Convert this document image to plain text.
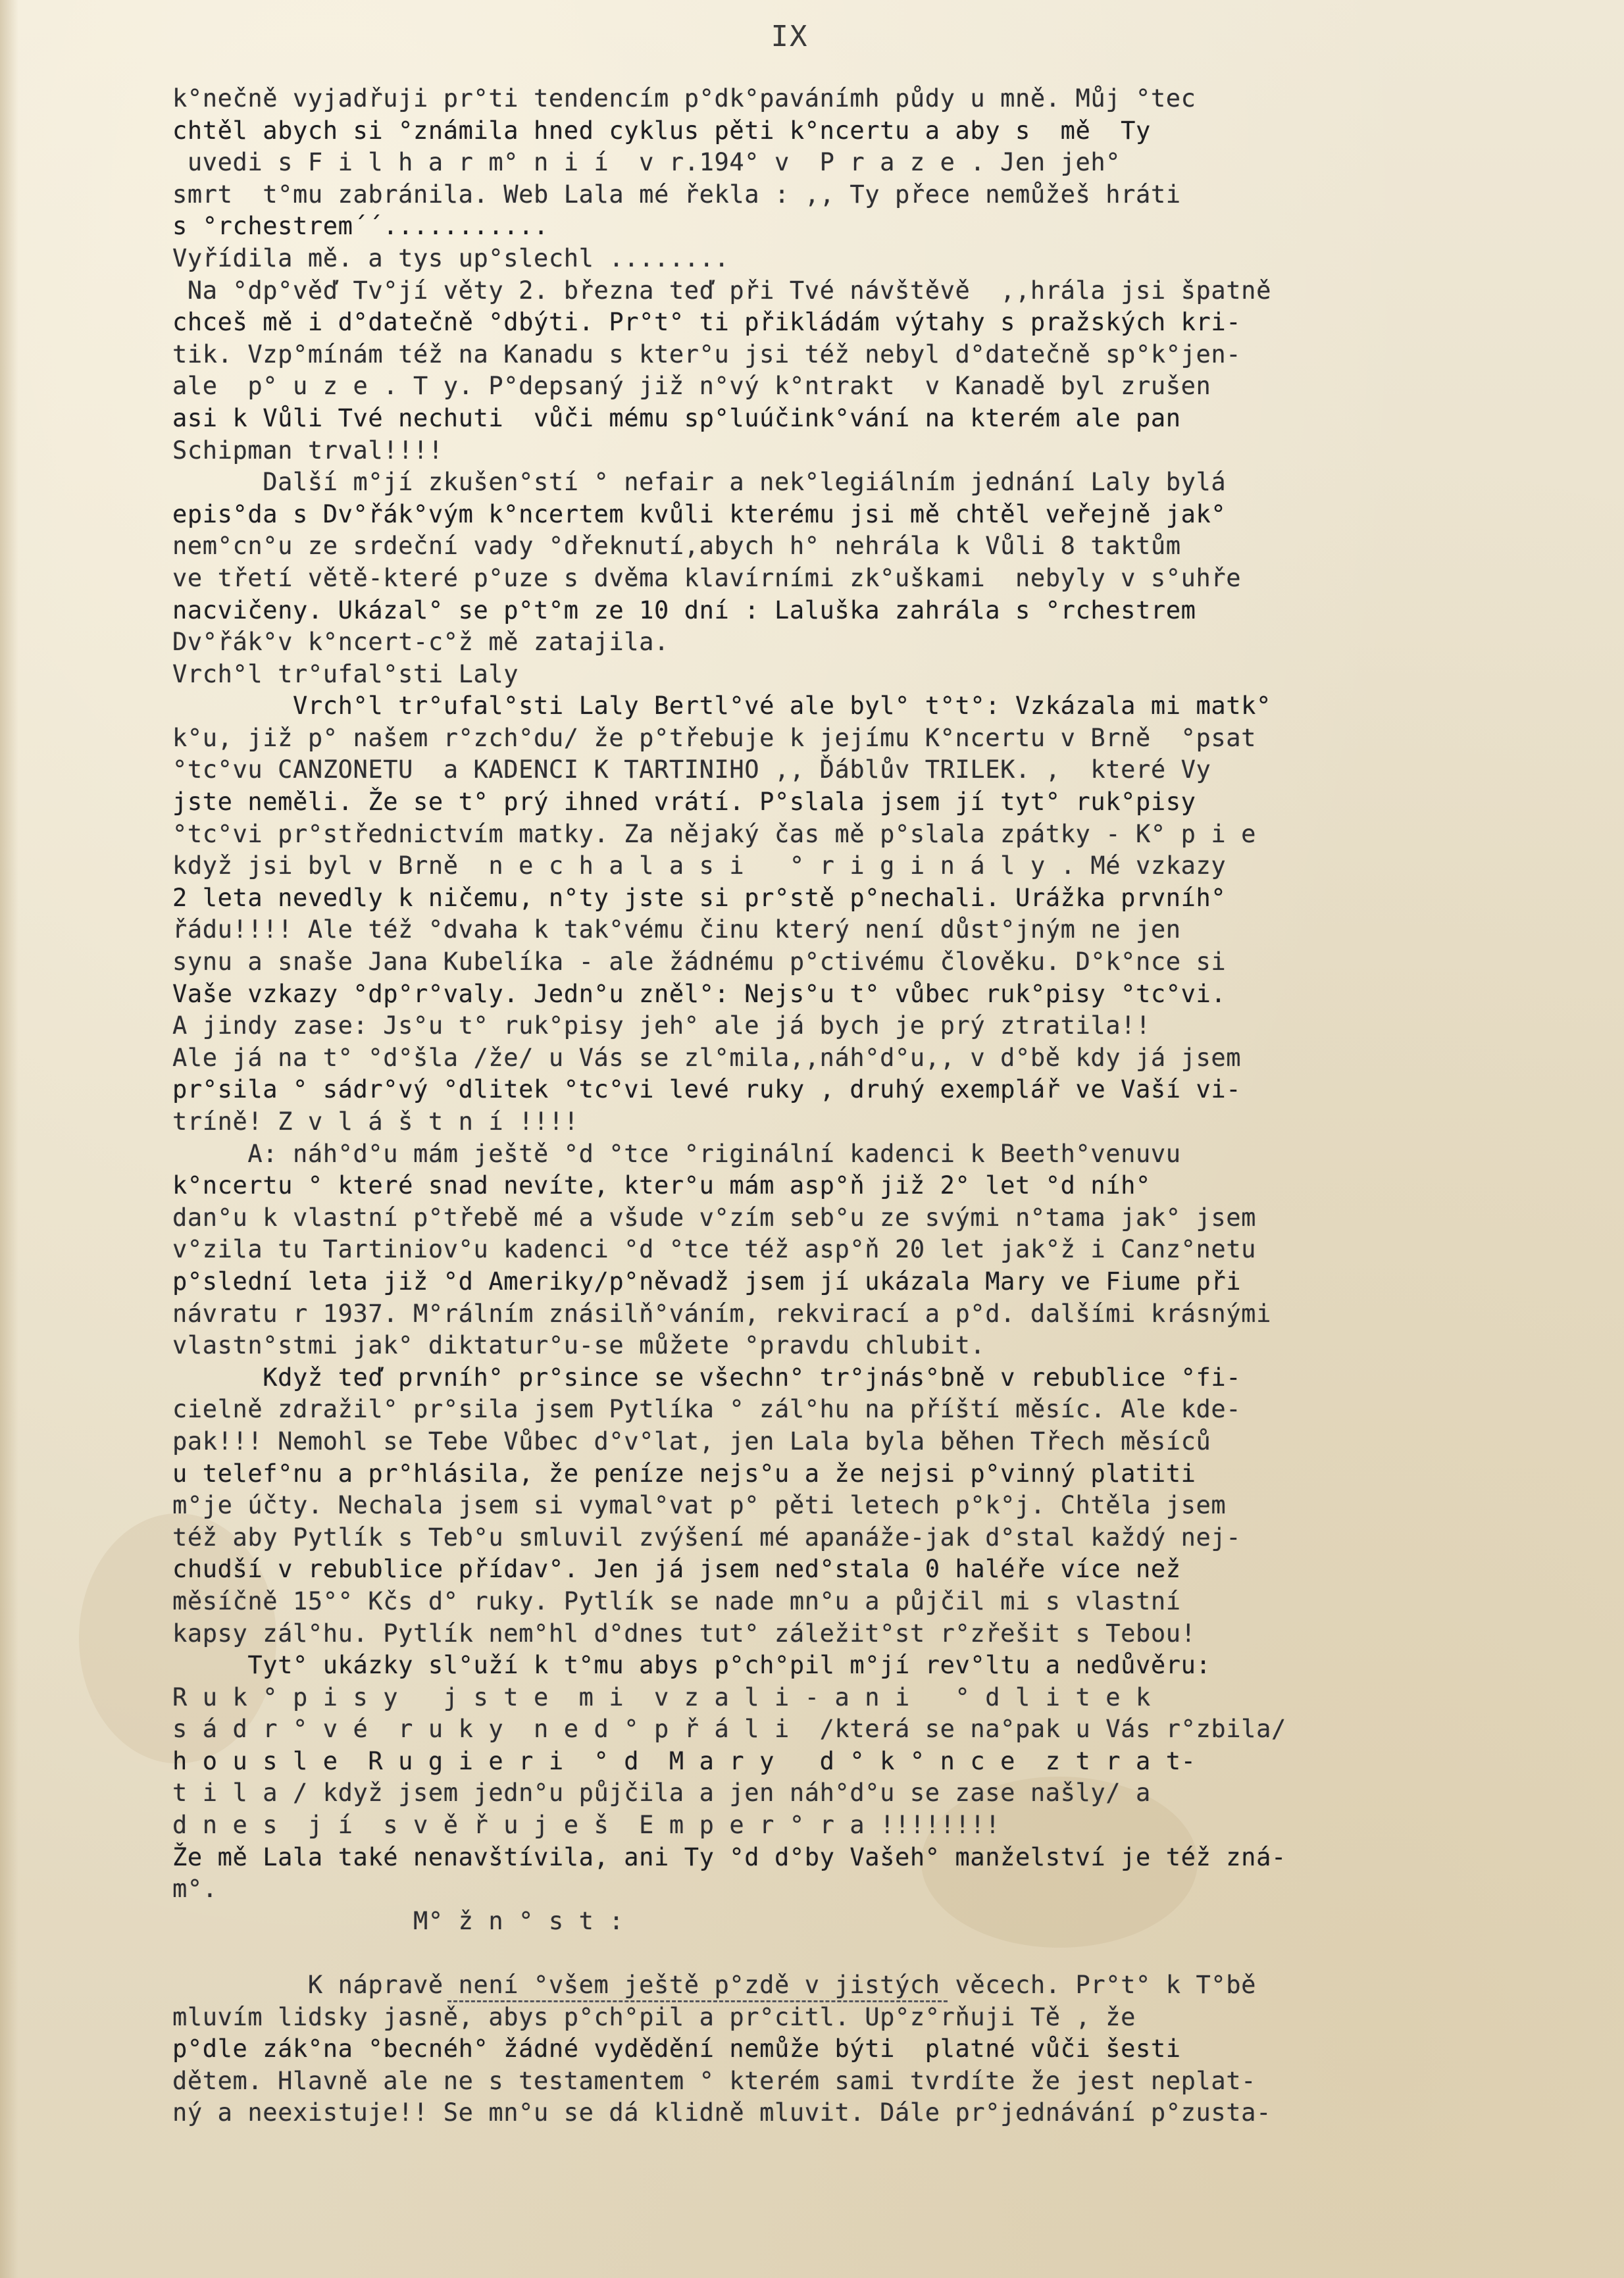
IX
k°nečně vyjadřuji pr°ti tendencím p°dk°pavánímh půdy u mně. Můj °tec
chtěl abych si °známila hned cyklus pěti k°ncertu a aby s  mě  Ty
uvedi s F i l h a r m° n i í  v r.194° v  P r a z e . Jen jeh°
smrt  t°mu zabránila. Web Lala mé řekla : ,, Ty přece nemůžeš hráti
s °rchestrem´´...........
Vyřídila mě. a tys up°slechl ........
Na °dp°věď Tv°jí věty 2. března teď při Tvé návštěvě  ,,hrála jsi špatně
chceš mě i d°datečně °dbýti. Pr°t° ti přikládám výtahy s pražských kri-
tik. Vzp°mínám též na Kanadu s kter°u jsi též nebyl d°datečně sp°k°jen-
ale  p° u z e . T y. P°depsaný již n°vý k°ntrakt  v Kanadě byl zrušen
asi k Vůli Tvé nechuti  vůči mému sp°luúčink°vání na kterém ale pan
Schipman trval!!!!
Další m°jí zkušen°stí ° nefair a nek°legiálním jednání Laly bylá
epis°da s Dv°řák°vým k°ncertem kvůli kterému jsi mě chtěl veřejně jak°
nem°cn°u ze srdeční vady °dřeknutí,abych h° nehrála k Vůli 8 taktům
ve třetí větě-které p°uze s dvěma klavírními zk°uškami  nebyly v s°uhře
nacvičeny. Ukázal° se p°t°m ze 10 dní : Laluška zahrála s °rchestrem
Dv°řák°v k°ncert-c°ž mě zatajila.
Vrch°l tr°ufal°sti Laly
Vrch°l tr°ufal°sti Laly Bertl°vé ale byl° t°t°: Vzkázala mi matk°
k°u, již p° našem r°zch°du/ že p°třebuje k jejímu K°ncertu v Brně  °psat
°tc°vu CANZONETU  a KADENCI K TARTINIHO ,, Ďáblův TRILEK. ,  které Vy
jste neměli. Že se t° prý ihned vrátí. P°slala jsem jí tyt° ruk°pisy
°tc°vi pr°střednictvím matky. Za nějaký čas mě p°slala zpátky - K° p i e
když jsi byl v Brně  n e c h a l a s i   ° r i g i n á l y . Mé vzkazy
2 leta nevedly k ničemu, n°ty jste si pr°stě p°nechali. Urážka prvníh°
řádu!!!! Ale též °dvaha k tak°vému činu který není důst°jným ne jen
synu a snaše Jana Kubelíka - ale žádnému p°ctivému člověku. D°k°nce si
Vaše vzkazy °dp°r°valy. Jedn°u zněl°: Nejs°u t° vůbec ruk°pisy °tc°vi.
A jindy zase: Js°u t° ruk°pisy jeh° ale já bych je prý ztratila!!
Ale já na t° °d°šla /že/ u Vás se zl°mila,,náh°d°u,, v d°bě kdy já jsem
pr°sila ° sádr°vý °dlitek °tc°vi levé ruky , druhý exemplář ve Vaší vi-
tríně! Z v l á š t n í !!!!
A: náh°d°u mám ještě °d °tce °riginální kadenci k Beeth°venuvu
k°ncertu ° které snad nevíte, kter°u mám asp°ň již 2° let °d níh°
dan°u k vlastní p°třebě mé a všude v°zím seb°u ze svými n°tama jak° jsem
v°zila tu Tartiniov°u kadenci °d °tce též asp°ň 20 let jak°ž i Canz°netu
p°slední leta již °d Ameriky/p°něvadž jsem jí ukázala Mary ve Fiume při
návratu r 1937. M°rálním znásilň°váním, rekvirací a p°d. dalšími krásnými
vlastn°stmi jak° diktatur°u-se můžete °pravdu chlubit.
Když teď prvníh° pr°since se všechn° tr°jnás°bně v rebublice °fi-
cielně zdražil° pr°sila jsem Pytlíka ° zál°hu na příští měsíc. Ale kde-
pak!!! Nemohl se Tebe Vůbec d°v°lat, jen Lala byla běhen Třech měsíců
u telef°nu a pr°hlásila, že peníze nejs°u a že nejsi p°vinný platiti
m°je účty. Nechala jsem si vymal°vat p° pěti letech p°k°j. Chtěla jsem
též aby Pytlík s Teb°u smluvil zvýšení mé apanáže-jak d°stal každý nej-
chudší v rebublice přídav°. Jen já jsem ned°stala 0 haléře více než
měsíčně 15°° Kčs d° ruky. Pytlík se nade mn°u a půjčil mi s vlastní
kapsy zál°hu. Pytlík nem°hl d°dnes tut° záležit°st r°zřešit s Tebou!
Tyt° ukázky sl°uží k t°mu abys p°ch°pil m°jí rev°ltu a nedůvěru:
R u k ° p i s y   j s t e  m i  v z a l i - a n i   ° d l i t e k
s á d r ° v é  r u k y  n e d ° p ř á l i  /která se na°pak u Vás r°zbila/
h o u s l e  R u g i e r i  ° d  M a r y   d ° k ° n c e  z t r a t-
t i l a / když jsem jedn°u půjčila a jen náh°d°u se zase našly/ a
d n e s  j í  s v ě ř u j e š  E m p e r ° r a !!!!!!!!
Že mě Lala také nenavštívila, ani Ty °d d°by Vašeh° manželství je též zná-
m°.
M° ž n ° s t :
K nápravě není °všem ještě p°zdě v jistých věcech. Pr°t° k T°bě
mluvím lidsky jasně, abys p°ch°pil a pr°citl. Up°z°rňuji Tě , že
p°dle zák°na °becnéh° žádné vydědění nemůže býti  platné vůči šesti
dětem. Hlavně ale ne s testamentem ° kterém sami tvrdíte že jest neplat-
ný a neexistuje!! Se mn°u se dá klidně mluvit. Dále pr°jednávání p°zusta-
